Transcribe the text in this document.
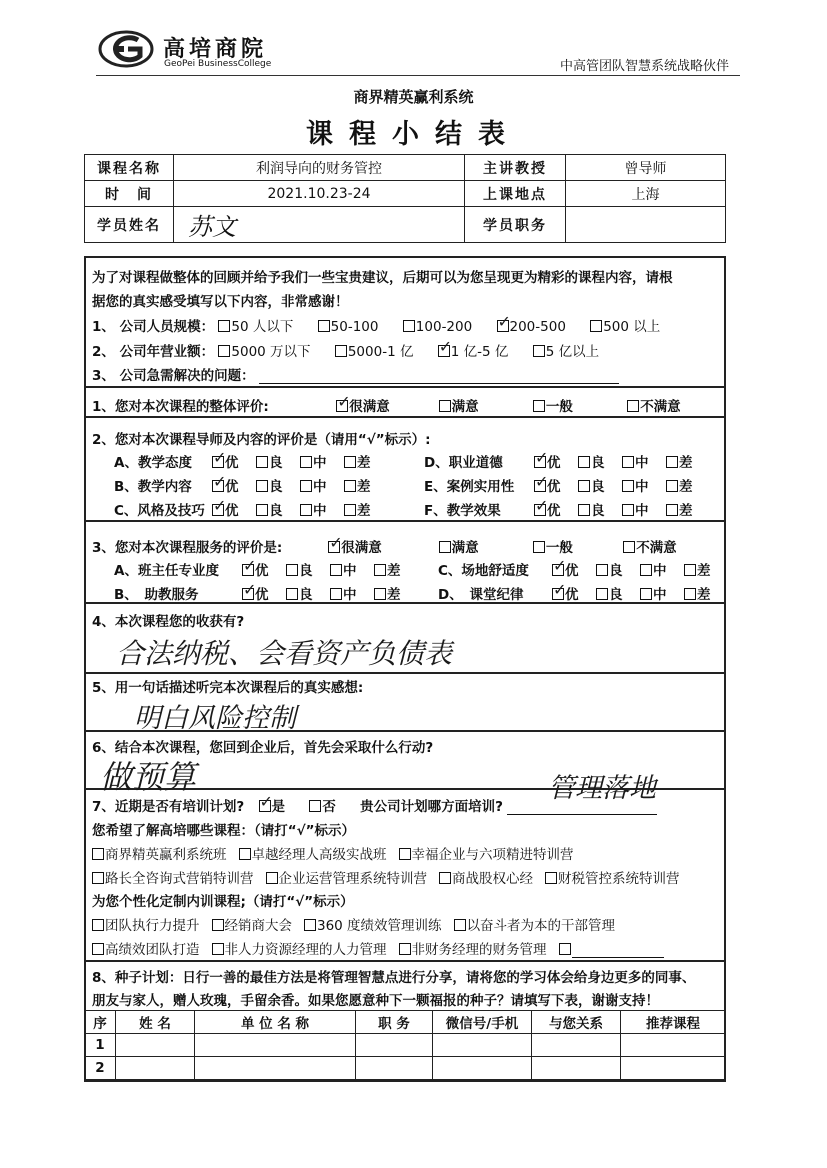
高培商院
GeoPei BusinessCollege	中高管团队智慧系统战略伙伴
商界精英赢利系统
课程小结表
课程名称	利润导向的财务管控	主讲教授	曾导师
时　间	2021.10.23-24	上课地点	上海
学员姓名	苏文	学员职务	
为了对课程做整体的回顾并给予我们一些宝贵建议，后期可以为您呈现更为精彩的课程内容，请根
据您的真实感受填写以下内容，非常感谢！
1、 公司人员规模： 50 人以下	50-100	100-200 ✓	200-500	500 以上
2、 公司年营业额： 5000 万以下	5000-1 亿 ✓	1 亿-5 亿	5 亿以上
3、 公司急需解决的问题：
1、您对本次课程的整体评价: ✓	很满意	满意	一般	不满意
2、您对本次课程导师及内容的评价是（请用“√”标示）:
A、教学态度 ✓ 优 良 中 差	D、职业道德 ✓	优 良 中 差
B、教学内容 ✓ 优 良 中 差	E、案例实用性 ✓ 优 良 中 差
C、风格及技巧 ✓ 优 良 中 差	F、教学效果 ✓	优 良 中 差
3、您对本次课程服务的评价是: ✓	很满意	满意	一般	不满意
A、班主任专业度 ✓	优 良 中 差	C、场地舒适度 ✓	优 良 中 差
B、　助教服务 ✓	优 良 中 差	D、　课堂纪律 ✓	优 良 中 差
4、本次课程您的收获有?
合法纳税、会看资产负债表
5、用一句话描述听完本次课程后的真实感想:
明白风险控制
6、结合本次课程，您回到企业后，首先会采取什么行动?
做预算
7、近期是否有培训计划? ✓ 是	否 贵公司计划哪方面培训?
管理落地
您希望了解高培哪些课程：（请打“√”标示）
商界精英赢利系统班 卓越经理人高级实战班 幸福企业与六项精进特训营
路长全咨询式营销特训营 企业运营管理系统特训营 商战股权心经 财税管控系统特训营
为您个性化定制内训课程;（请打“√”标示）
团队执行力提升 经销商大会 360 度绩效管理训练 以奋斗者为本的干部管理
高绩效团队打造 非人力资源经理的人力管理 非财务经理的财务管理
8、种子计划：日行一善的最佳方法是将管理智慧点进行分享，请将您的学习体会给身边更多的同事、
朋友与家人，赠人玫瑰，手留余香。如果您愿意种下一颗福报的种子？请填写下表，谢谢支持！
序	姓 名	单 位 名 称	职 务	微信号/手机	与您关系	推荐课程
1						
2						
